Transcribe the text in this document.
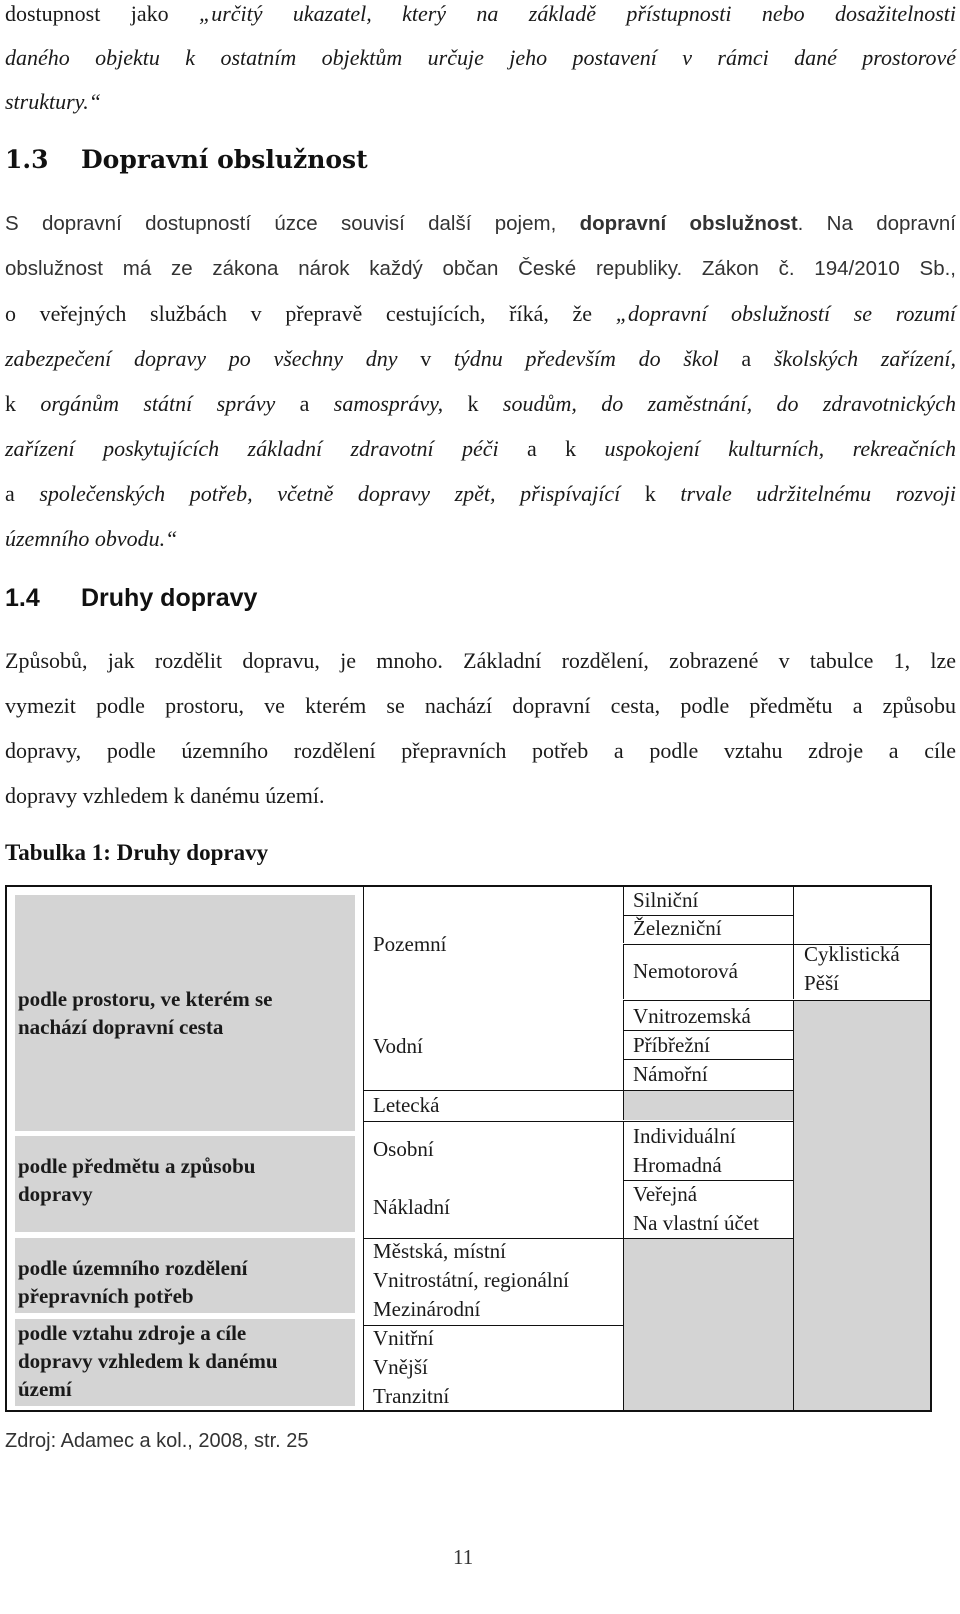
dostupnost jako „určitý ukazatel, který na základě přístupnosti nebo dosažitelnosti
daného objektu k ostatním objektům určuje jeho postavení v rámci dané prostorové
struktury.“
1.3 Dopravní obslužnost
S dopravní dostupností úzce souvisí další pojem, dopravní obslužnost. Na dopravní
obslužnost má ze zákona nárok každý občan České republiky. Zákon č. 194/2010 Sb.,
o veřejných službách v přepravě cestujících, říká, že „dopravní obslužností se rozumí
zabezpečení dopravy po všechny dny v týdnu především do škol a školských zařízení,
k orgánům státní správy a samosprávy, k soudům, do zaměstnání, do zdravotnických
zařízení poskytujících základní zdravotní péči a k uspokojení kulturních, rekreačních
a společenských potřeb, včetně dopravy zpět, přispívající k trvale udržitelnému rozvoji
územního obvodu.“
1.4 Druhy dopravy
Způsobů, jak rozdělit dopravu, je mnoho. Základní rozdělení, zobrazené v tabulce 1, lze
vymezit podle prostoru, ve kterém se nachází dopravní cesta, podle předmětu a způsobu
dopravy, podle územního rozdělení přepravních potřeb a podle vztahu zdroje a cíle
dopravy vzhledem k danému území.
Tabulka 1: Druhy dopravy
podle prostoru, ve kterém se
nachází dopravní cesta
podle předmětu a způsobu
dopravy
podle územního rozdělení
přepravních potřeb
podle vztahu zdroje a cíle
dopravy vzhledem k danému
území
Pozemní
Vodní
Letecká
Osobní
Nákladní
Městská, místní
Vnitrostátní, regionální
Mezinárodní
Vnitřní
Vnější
Tranzitní
Silniční
Železniční
Nemotorová
Vnitrozemská
Příbřežní
Námořní
Individuální
Hromadná
Veřejná
Na vlastní účet
Cyklistická
Pěší
Zdroj: Adamec a kol., 2008, str. 25
11
